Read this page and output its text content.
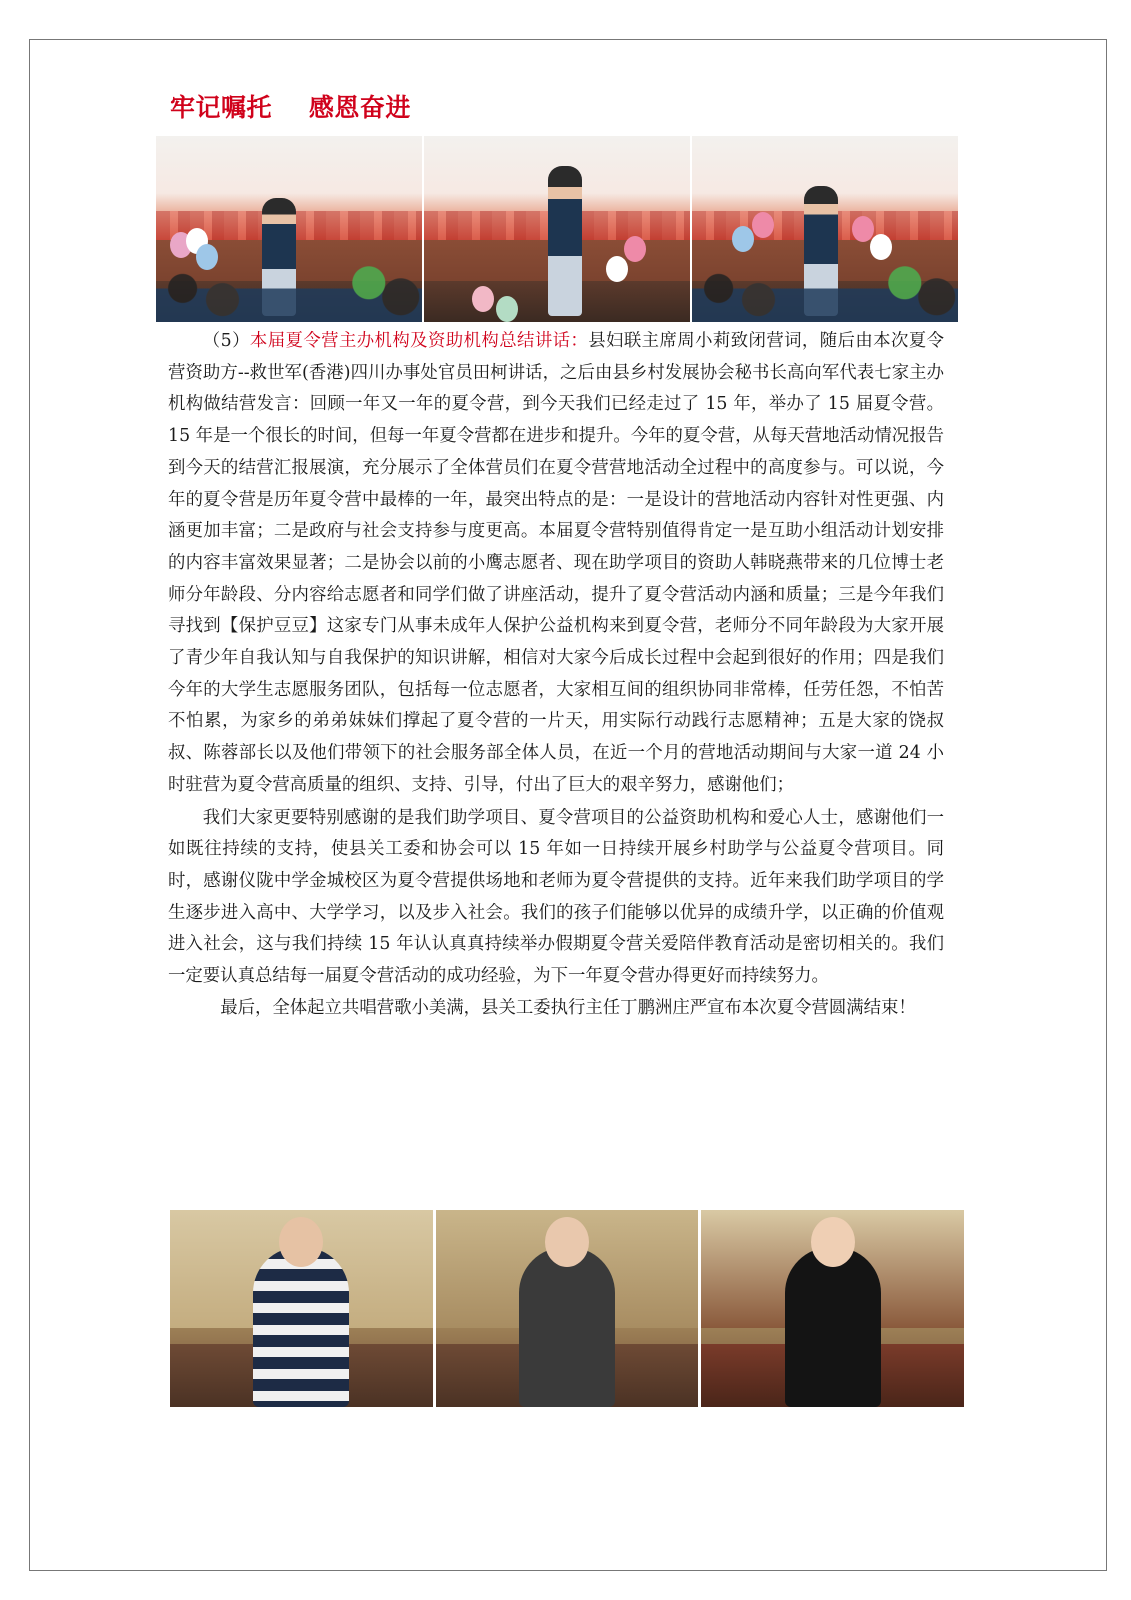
牢记嘱托    感恩奋进

（5）本届夏令营主办机构及资助机构总结讲话：县妇联主席周小莉致闭营词，随后由本次夏令营资助方--救世军(香港)四川办事处官员田柯讲话，之后由县乡村发展协会秘书长高向军代表七家主办机构做结营发言：回顾一年又一年的夏令营，到今天我们已经走过了 15 年，举办了 15 届夏令营。15 年是一个很长的时间，但每一年夏令营都在进步和提升。今年的夏令营，从每天营地活动情况报告到今天的结营汇报展演，充分展示了全体营员们在夏令营营地活动全过程中的高度参与。可以说，今年的夏令营是历年夏令营中最棒的一年，最突出特点的是：一是设计的营地活动内容针对性更强、内涵更加丰富；二是政府与社会支持参与度更高。本届夏令营特别值得肯定一是互助小组活动计划安排的内容丰富效果显著；二是协会以前的小鹰志愿者、现在助学项目的资助人韩晓燕带来的几位博士老师分年龄段、分内容给志愿者和同学们做了讲座活动，提升了夏令营活动内涵和质量；三是今年我们寻找到【保护豆豆】这家专门从事未成年人保护公益机构来到夏令营，老师分不同年龄段为大家开展了青少年自我认知与自我保护的知识讲解，相信对大家今后成长过程中会起到很好的作用；四是我们今年的大学生志愿服务团队，包括每一位志愿者，大家相互间的组织协同非常棒，任劳任怨，不怕苦不怕累，为家乡的弟弟妹妹们撑起了夏令营的一片天，用实际行动践行志愿精神；五是大家的饶叔叔、陈蓉部长以及他们带领下的社会服务部全体人员，在近一个月的营地活动期间与大家一道 24 小时驻营为夏令营高质量的组织、支持、引导，付出了巨大的艰辛努力，感谢他们；

我们大家更要特别感谢的是我们助学项目、夏令营项目的公益资助机构和爱心人士，感谢他们一如既往持续的支持，使县关工委和协会可以 15 年如一日持续开展乡村助学与公益夏令营项目。同时，感谢仪陇中学金城校区为夏令营提供场地和老师为夏令营提供的支持。近年来我们助学项目的学生逐步进入高中、大学学习，以及步入社会。我们的孩子们能够以优异的成绩升学，以正确的价值观进入社会，这与我们持续 15 年认认真真持续举办假期夏令营关爱陪伴教育活动是密切相关的。我们一定要认真总结每一届夏令营活动的成功经验，为下一年夏令营办得更好而持续努力。

最后，全体起立共唱营歌小美满，县关工委执行主任丁鹏洲庄严宣布本次夏令营圆满结束！
